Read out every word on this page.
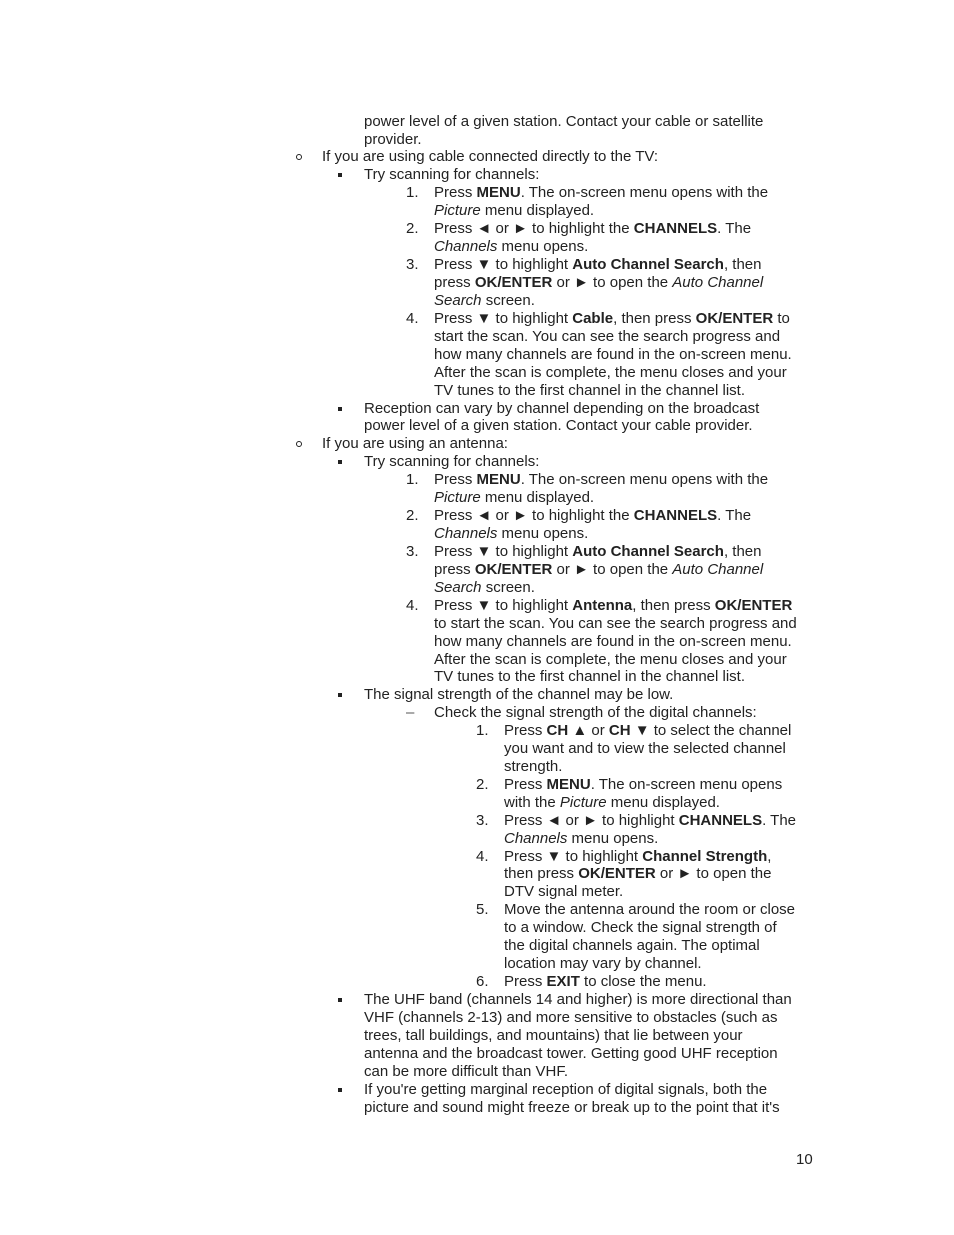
power level of a given station. Contact your cable or satellite
provider.
If you are using cable connected directly to the TV:
Try scanning for channels:
1. Press MENU. The on-screen menu opens with the
Picture menu displayed.
2. Press ◄ or ► to highlight the CHANNELS. The
Channels menu opens.
3. Press ▼ to highlight Auto Channel Search, then
press OK/ENTER or ► to open the Auto Channel
Search screen.
4. Press ▼ to highlight Cable, then press OK/ENTER to
start the scan. You can see the search progress and
how many channels are found in the on-screen menu.
After the scan is complete, the menu closes and your
TV tunes to the first channel in the channel list.
Reception can vary by channel depending on the broadcast
power level of a given station. Contact your cable provider.
If you are using an antenna:
Try scanning for channels:
1. Press MENU. The on-screen menu opens with the
Picture menu displayed.
2. Press ◄ or ► to highlight the CHANNELS. The
Channels menu opens.
3. Press ▼ to highlight Auto Channel Search, then
press OK/ENTER or ► to open the Auto Channel
Search screen.
4. Press ▼ to highlight Antenna, then press OK/ENTER
to start the scan. You can see the search progress and
how many channels are found in the on-screen menu.
After the scan is complete, the menu closes and your
TV tunes to the first channel in the channel list.
The signal strength of the channel may be low.
– Check the signal strength of the digital channels:
1. Press CH ▲ or CH ▼ to select the channel
you want and to view the selected channel
strength.
2. Press MENU. The on-screen menu opens
with the Picture menu displayed.
3. Press ◄ or ► to highlight CHANNELS. The
Channels menu opens.
4. Press ▼ to highlight Channel Strength,
then press OK/ENTER or ► to open the
DTV signal meter.
5. Move the antenna around the room or close
to a window. Check the signal strength of
the digital channels again. The optimal
location may vary by channel.
6. Press EXIT to close the menu.
The UHF band (channels 14 and higher) is more directional than
VHF (channels 2-13) and more sensitive to obstacles (such as
trees, tall buildings, and mountains) that lie between your
antenna and the broadcast tower. Getting good UHF reception
can be more difficult than VHF.
If you're getting marginal reception of digital signals, both the
picture and sound might freeze or break up to the point that it's
10
